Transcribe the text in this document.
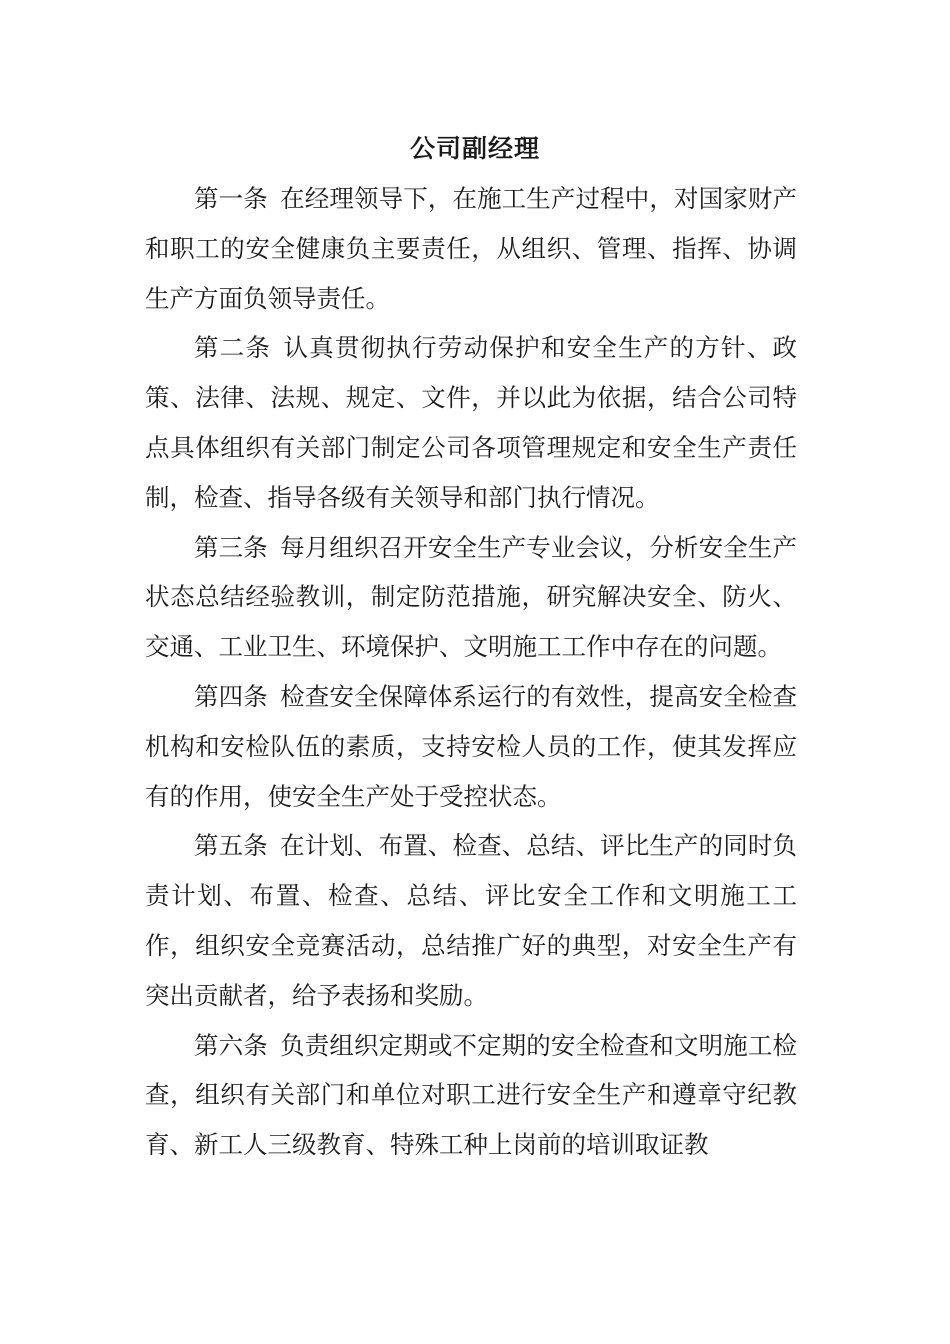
公司副经理

第一条 在经理领导下，在施工生产过程中，对国家财产和职工的安全健康负主要责任，从组织、管理、指挥、协调生产方面负领导责任。

第二条 认真贯彻执行劳动保护和安全生产的方针、政策、法律、法规、规定、文件，并以此为依据，结合公司特点具体组织有关部门制定公司各项管理规定和安全生产责任制，检查、指导各级有关领导和部门执行情况。

第三条 每月组织召开安全生产专业会议，分析安全生产状态总结经验教训，制定防范措施，研究解决安全、防火、交通、工业卫生、环境保护、文明施工工作中存在的问题。

第四条 检查安全保障体系运行的有效性，提高安全检查机构和安检队伍的素质，支持安检人员的工作，使其发挥应有的作用，使安全生产处于受控状态。

第五条 在计划、布置、检查、总结、评比生产的同时负责计划、布置、检查、总结、评比安全工作和文明施工工作，组织安全竞赛活动，总结推广好的典型，对安全生产有突出贡献者，给予表扬和奖励。

第六条 负责组织定期或不定期的安全检查和文明施工检查，组织有关部门和单位对职工进行安全生产和遵章守纪教育、新工人三级教育、特殊工种上岗前的培训取证教
